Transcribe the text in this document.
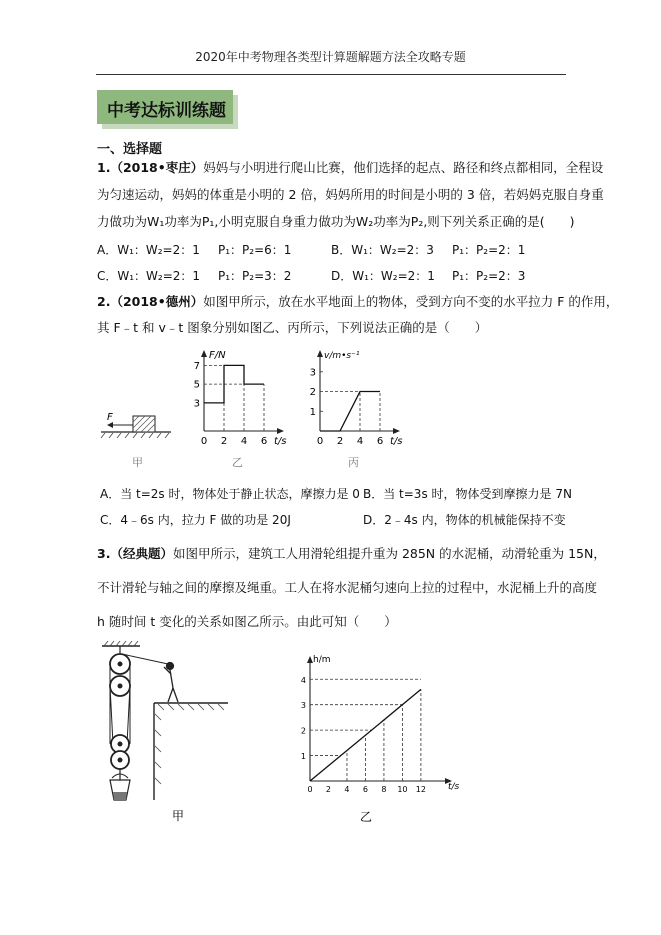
2020年中考物理各类型计算题解题方法全攻略专题
中考达标训练题
一、选择题
1.（2018•枣庄）妈妈与小明进行爬山比赛，他们选择的起点、路径和终点都相同，全程设
为匀速运动，妈妈的体重是小明的 2 倍，妈妈所用的时间是小明的 3 倍，若妈妈克服自身重
力做功为W₁功率为P₁,小明克服自身重力做功为W₂功率为P₂,则下列关系正确的是(　　)
A．W₁：W₂=2：1 P₁：P₂=6：1	B．W₁：W₂=2：3 P₁：P₂=2：1
C．W₁：W₂=2：1 P₁：P₂=3：2	D．W₁：W₂=2：1 P₁：P₂=2：3
2.（2018•德州）如图甲所示，放在水平地面上的物体，受到方向不变的水平拉力 F 的作用，
其 F﹣t 和 v﹣t 图象分别如图乙、丙所示，下列说法正确的是（　　）
F
甲
F/N
t/s
3
5
7
0 2 4 6
乙
v/m•s⁻¹
t/s
1
2
3
0 2 4 6
丙
A．当 t=2s 时，物体处于静止状态，摩擦力是 0 B．当 t=3s 时，物体受到摩擦力是 7N
C．4﹣6s 内，拉力 F 做的功是 20J	D．2﹣4s 内，物体的机械能保持不变
3.（经典题）如图甲所示，建筑工人用滑轮组提升重为 285N 的水泥桶，动滑轮重为 15N，
不计滑轮与轴之间的摩擦及绳重。工人在将水泥桶匀速向上拉的过程中，水泥桶上升的高度
h 随时间 t 变化的关系如图乙所示。由此可知（　　）
甲
h/m
t/s
1
2
3
4
0 2 4 6 8 10 12
乙
